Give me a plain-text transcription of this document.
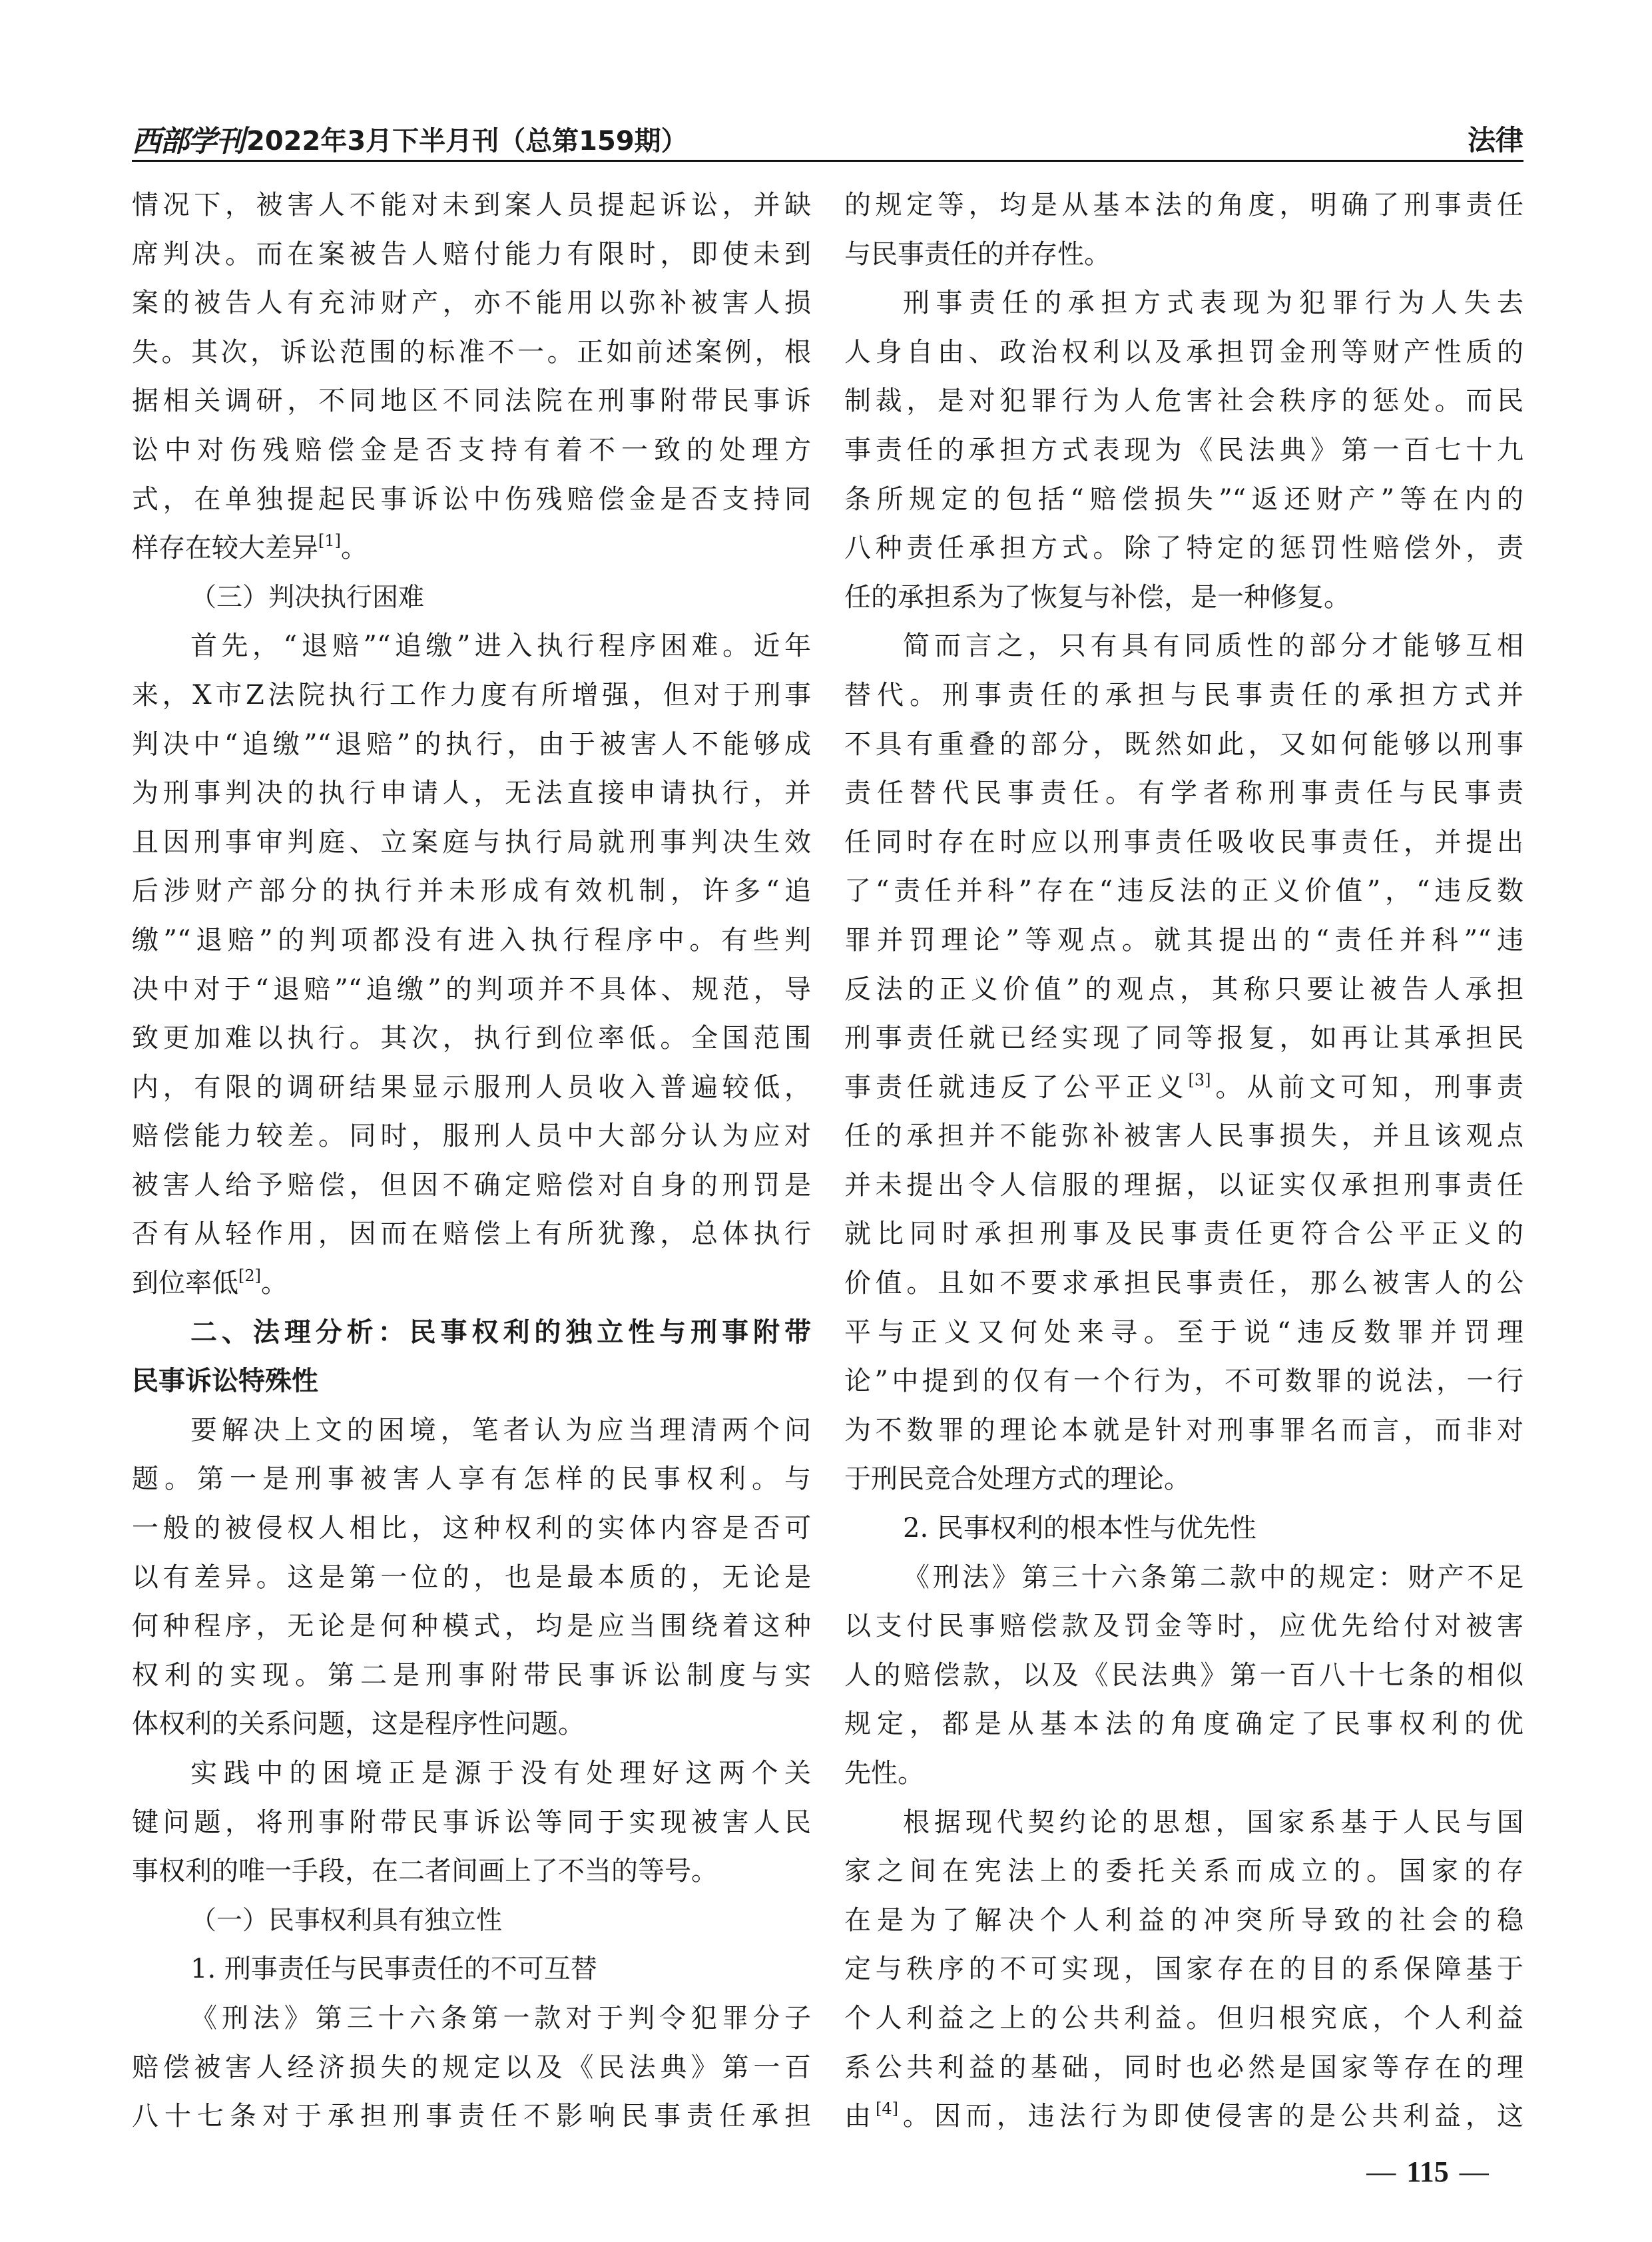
西部学刊 2022年3月下半月刊（总第159期）	法律
情况下，被害人不能对未到案人员提起诉讼，并缺
席判决。而在案被告人赔付能力有限时，即使未到
案的被告人有充沛财产，亦不能用以弥补被害人损
失。其次，诉讼范围的标准不一。正如前述案例，根
据相关调研，不同地区不同法院在刑事附带民事诉
讼中对伤残赔偿金是否支持有着不一致的处理方
式，在单独提起民事诉讼中伤残赔偿金是否支持同
样存在较大差异[1]。
（三）判决执行困难
首先，“退赔”“追缴”进入执行程序困难。近年
来，X市Z法院执行工作力度有所增强，但对于刑事
判决中“追缴”“退赔”的执行，由于被害人不能够成
为刑事判决的执行申请人，无法直接申请执行，并
且因刑事审判庭、立案庭与执行局就刑事判决生效
后涉财产部分的执行并未形成有效机制，许多“追
缴”“退赔”的判项都没有进入执行程序中。有些判
决中对于“退赔”“追缴”的判项并不具体、规范，导
致更加难以执行。其次，执行到位率低。全国范围
内，有限的调研结果显示服刑人员收入普遍较低，
赔偿能力较差。同时，服刑人员中大部分认为应对
被害人给予赔偿，但因不确定赔偿对自身的刑罚是
否有从轻作用，因而在赔偿上有所犹豫，总体执行
到位率低[2]。
二、法理分析：民事权利的独立性与刑事附带
民事诉讼特殊性
要解决上文的困境，笔者认为应当理清两个问
题。第一是刑事被害人享有怎样的民事权利。与
一般的被侵权人相比，这种权利的实体内容是否可
以有差异。这是第一位的，也是最本质的，无论是
何种程序，无论是何种模式，均是应当围绕着这种
权利的实现。第二是刑事附带民事诉讼制度与实
体权利的关系问题，这是程序性问题。
实践中的困境正是源于没有处理好这两个关
键问题，将刑事附带民事诉讼等同于实现被害人民
事权利的唯一手段，在二者间画上了不当的等号。
（一）民事权利具有独立性
1. 刑事责任与民事责任的不可互替
《刑法》第三十六条第一款对于判令犯罪分子
赔偿被害人经济损失的规定以及《民法典》第一百
八十七条对于承担刑事责任不影响民事责任承担
的规定等，均是从基本法的角度，明确了刑事责任
与民事责任的并存性。
刑事责任的承担方式表现为犯罪行为人失去
人身自由、政治权利以及承担罚金刑等财产性质的
制裁，是对犯罪行为人危害社会秩序的惩处。而民
事责任的承担方式表现为《民法典》第一百七十九
条所规定的包括“赔偿损失”“返还财产”等在内的
八种责任承担方式。除了特定的惩罚性赔偿外，责
任的承担系为了恢复与补偿，是一种修复。
简而言之，只有具有同质性的部分才能够互相
替代。刑事责任的承担与民事责任的承担方式并
不具有重叠的部分，既然如此，又如何能够以刑事
责任替代民事责任。有学者称刑事责任与民事责
任同时存在时应以刑事责任吸收民事责任，并提出
了“责任并科”存在“违反法的正义价值”，“违反数
罪并罚理论”等观点。就其提出的“责任并科”“违
反法的正义价值”的观点，其称只要让被告人承担
刑事责任就已经实现了同等报复，如再让其承担民
事责任就违反了公平正义[3]。从前文可知，刑事责
任的承担并不能弥补被害人民事损失，并且该观点
并未提出令人信服的理据，以证实仅承担刑事责任
就比同时承担刑事及民事责任更符合公平正义的
价值。且如不要求承担民事责任，那么被害人的公
平与正义又何处来寻。至于说“违反数罪并罚理
论”中提到的仅有一个行为，不可数罪的说法，一行
为不数罪的理论本就是针对刑事罪名而言，而非对
于刑民竞合处理方式的理论。
2. 民事权利的根本性与优先性
《刑法》第三十六条第二款中的规定：财产不足
以支付民事赔偿款及罚金等时，应优先给付对被害
人的赔偿款，以及《民法典》第一百八十七条的相似
规定，都是从基本法的角度确定了民事权利的优
先性。
根据现代契约论的思想，国家系基于人民与国
家之间在宪法上的委托关系而成立的。国家的存
在是为了解决个人利益的冲突所导致的社会的稳
定与秩序的不可实现，国家存在的目的系保障基于
个人利益之上的公共利益。但归根究底，个人利益
系公共利益的基础，同时也必然是国家等存在的理
由[4]。因而，违法行为即使侵害的是公共利益，这
— 115 —
